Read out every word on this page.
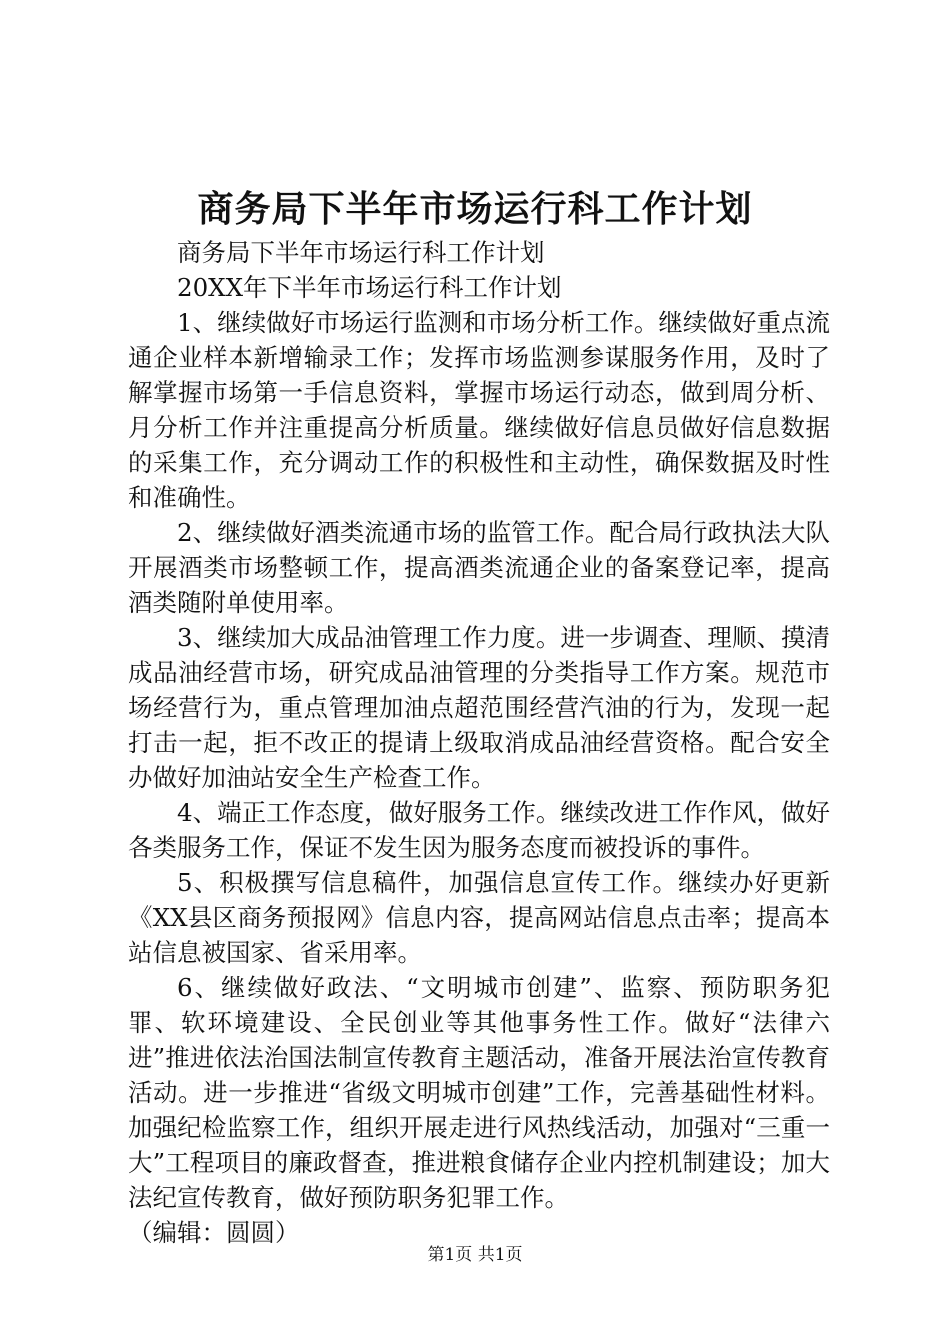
商务局下半年市场运行科工作计划

商务局下半年市场运行科工作计划

20XX年下半年市场运行科工作计划

1、继续做好市场运行监测和市场分析工作。继续做好重点流通企业样本新增输录工作；发挥市场监测参谋服务作用，及时了解掌握市场第一手信息资料，掌握市场运行动态，做到周分析、月分析工作并注重提高分析质量。继续做好信息员做好信息数据的采集工作，充分调动工作的积极性和主动性，确保数据及时性和准确性。

2、继续做好酒类流通市场的监管工作。配合局行政执法大队开展酒类市场整顿工作，提高酒类流通企业的备案登记率，提高酒类随附单使用率。

3、继续加大成品油管理工作力度。进一步调查、理顺、摸清成品油经营市场，研究成品油管理的分类指导工作方案。规范市场经营行为，重点管理加油点超范围经营汽油的行为，发现一起打击一起，拒不改正的提请上级取消成品油经营资格。配合安全办做好加油站安全生产检查工作。

4、端正工作态度，做好服务工作。继续改进工作作风，做好各类服务工作，保证不发生因为服务态度而被投诉的事件。

5、积极撰写信息稿件，加强信息宣传工作。继续办好更新《XX县区商务预报网》信息内容，提高网站信息点击率；提高本站信息被国家、省采用率。

6、继续做好政法、“文明城市创建”、监察、预防职务犯罪、软环境建设、全民创业等其他事务性工作。做好“法律六进”推进依法治国法制宣传教育主题活动，准备开展法治宣传教育活动。进一步推进“省级文明城市创建”工作，完善基础性材料。加强纪检监察工作，组织开展走进行风热线活动，加强对“三重一大”工程项目的廉政督查，推进粮食储存企业内控机制建设；加大法纪宣传教育，做好预防职务犯罪工作。

（编辑：圆圆）

第1页 共1页
